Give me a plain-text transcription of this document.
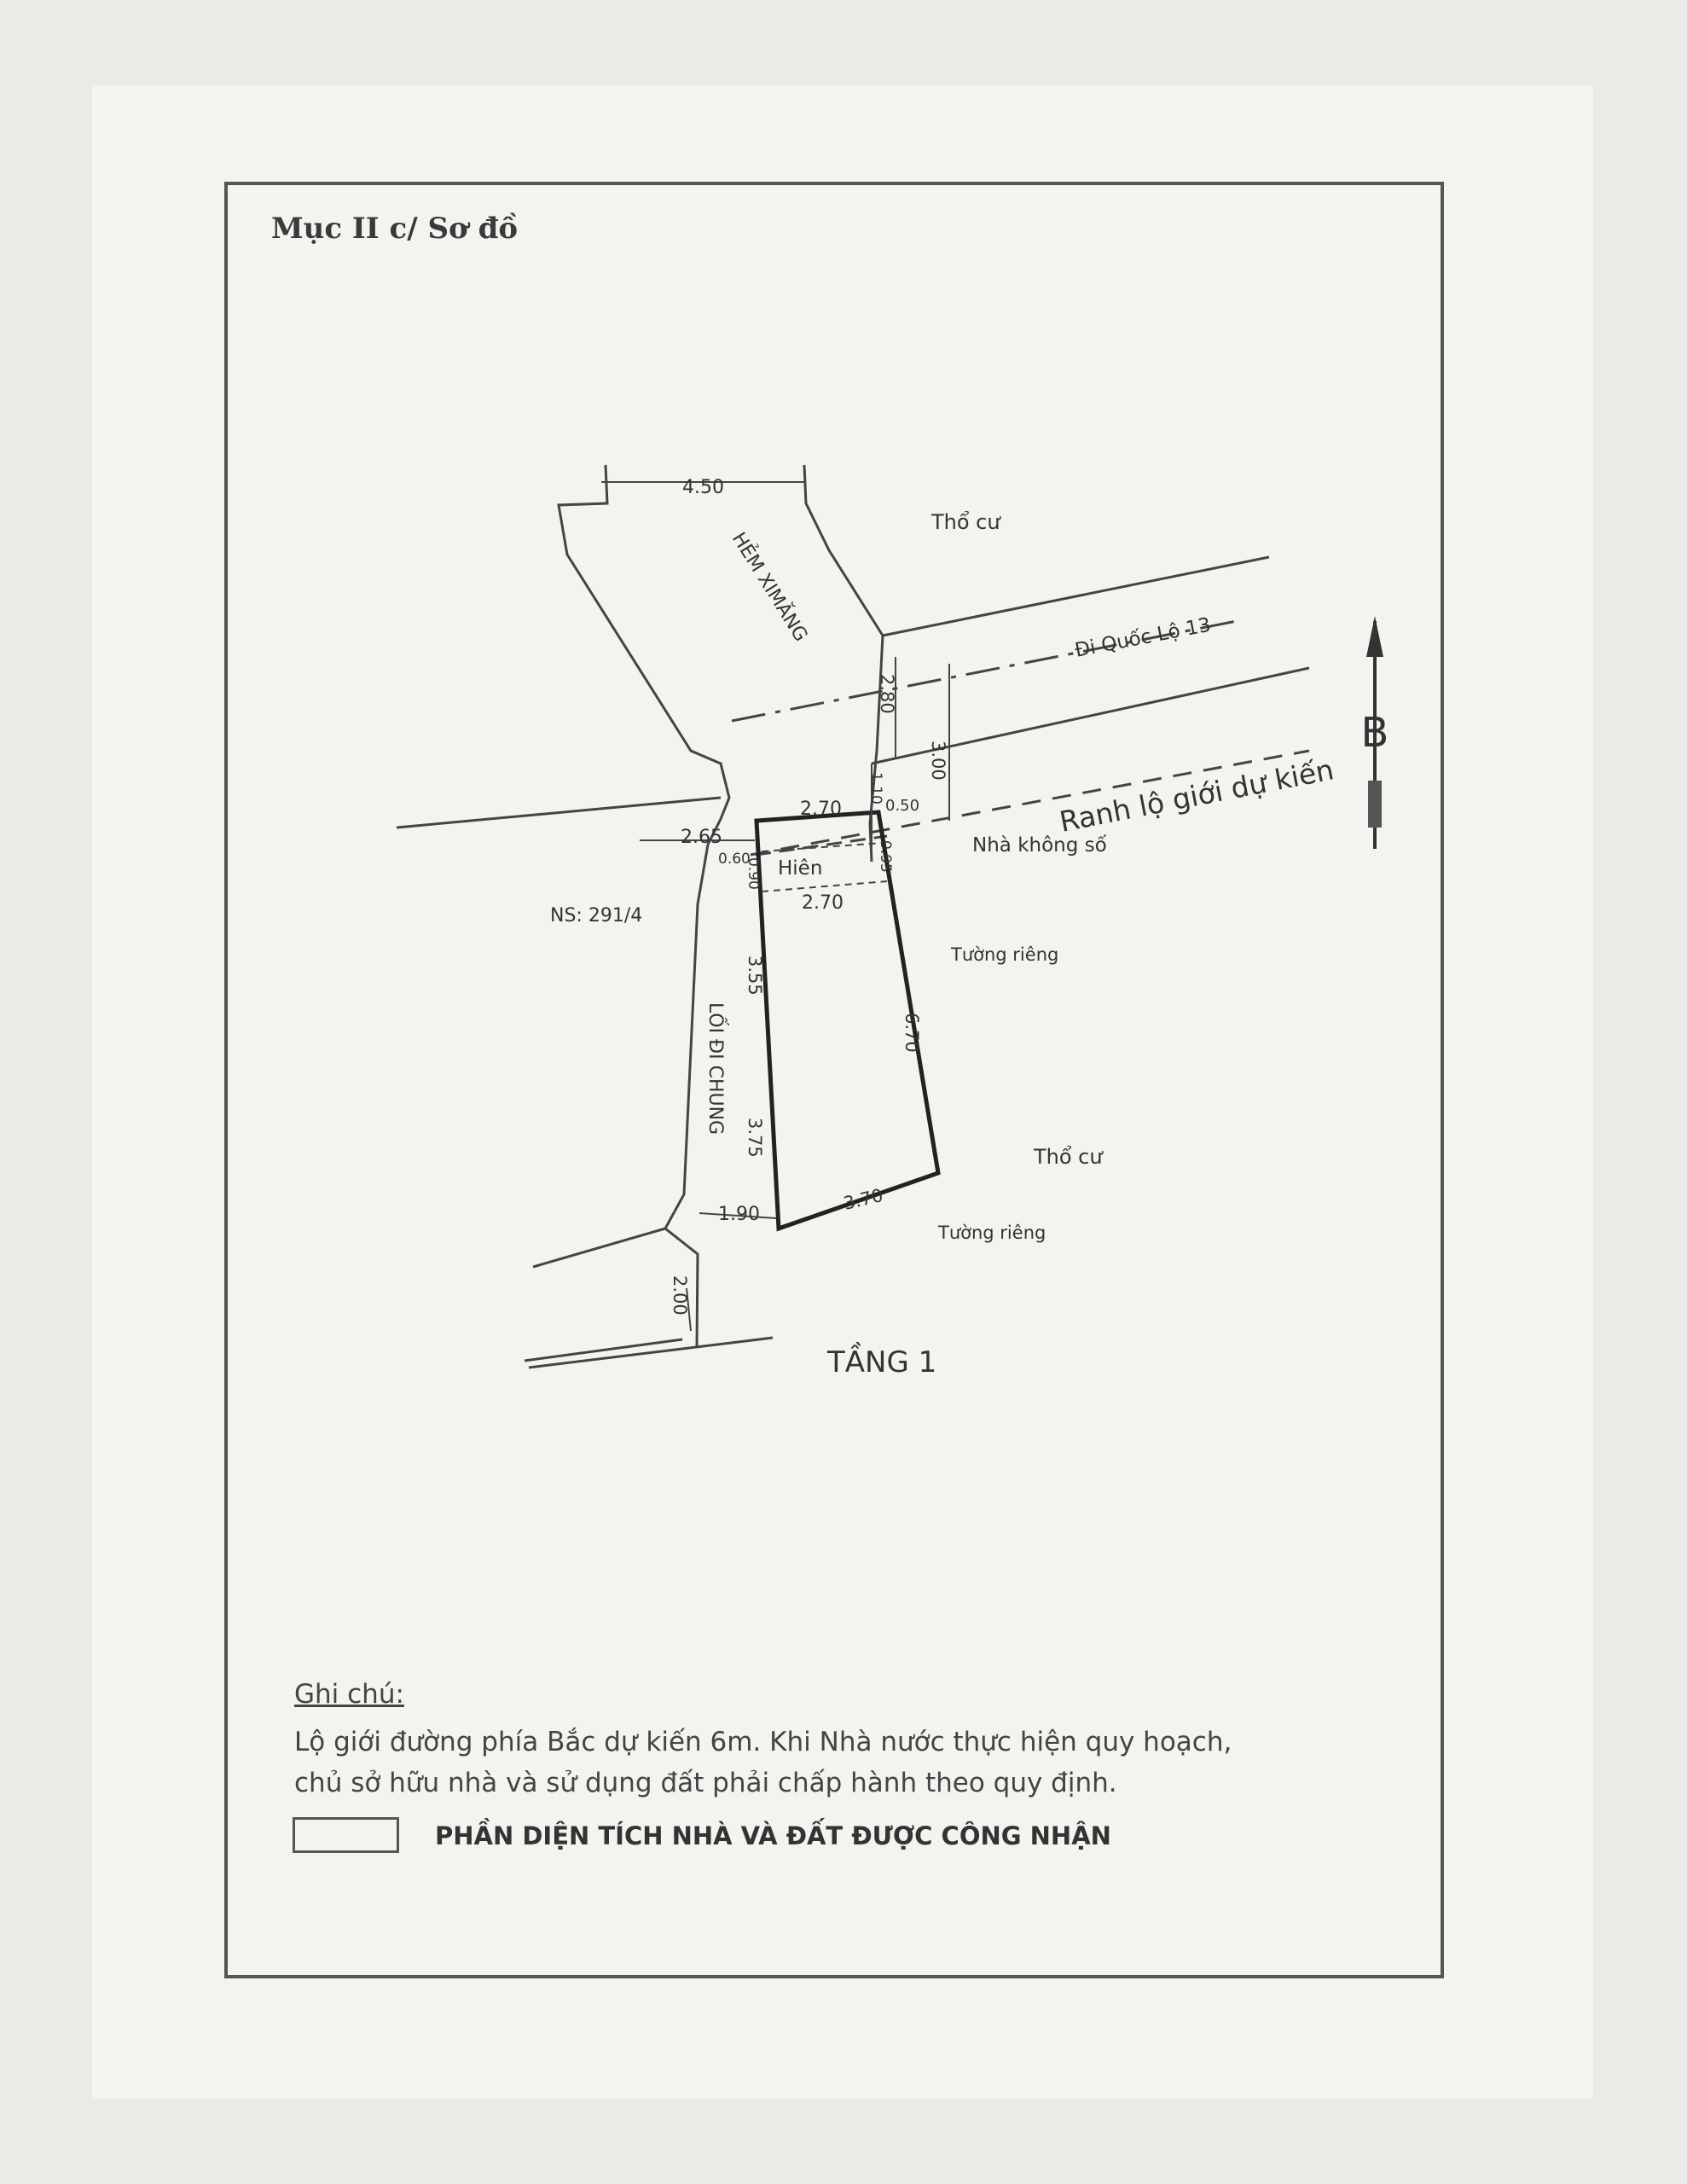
Mục II c/ Sơ đồ
B
Thổ cư
HẺM XIMĂNG	Đi Quốc Lộ 13
Ranh lộ giới dự kiến
Nhà không số
NS: 291/4
Hiên
Tường riêng
Tường riêng
LỐI ĐI CHUNG
Thổ cư
TẦNG 1
4.50
2.80
3.00
1.10
0.50
2.70
2.65
0.60	0.95
0.90
2.70
3.55
6.70
3.75
1.90
3.70
2.00
Ghi chú:
Lộ giới đường phía Bắc dự kiến 6m. Khi Nhà nước thực hiện quy hoạch,
chủ sở hữu nhà và sử dụng đất phải chấp hành theo quy định.
PHẦN DIỆN TÍCH NHÀ VÀ ĐẤT ĐƯỢC CÔNG NHẬN
